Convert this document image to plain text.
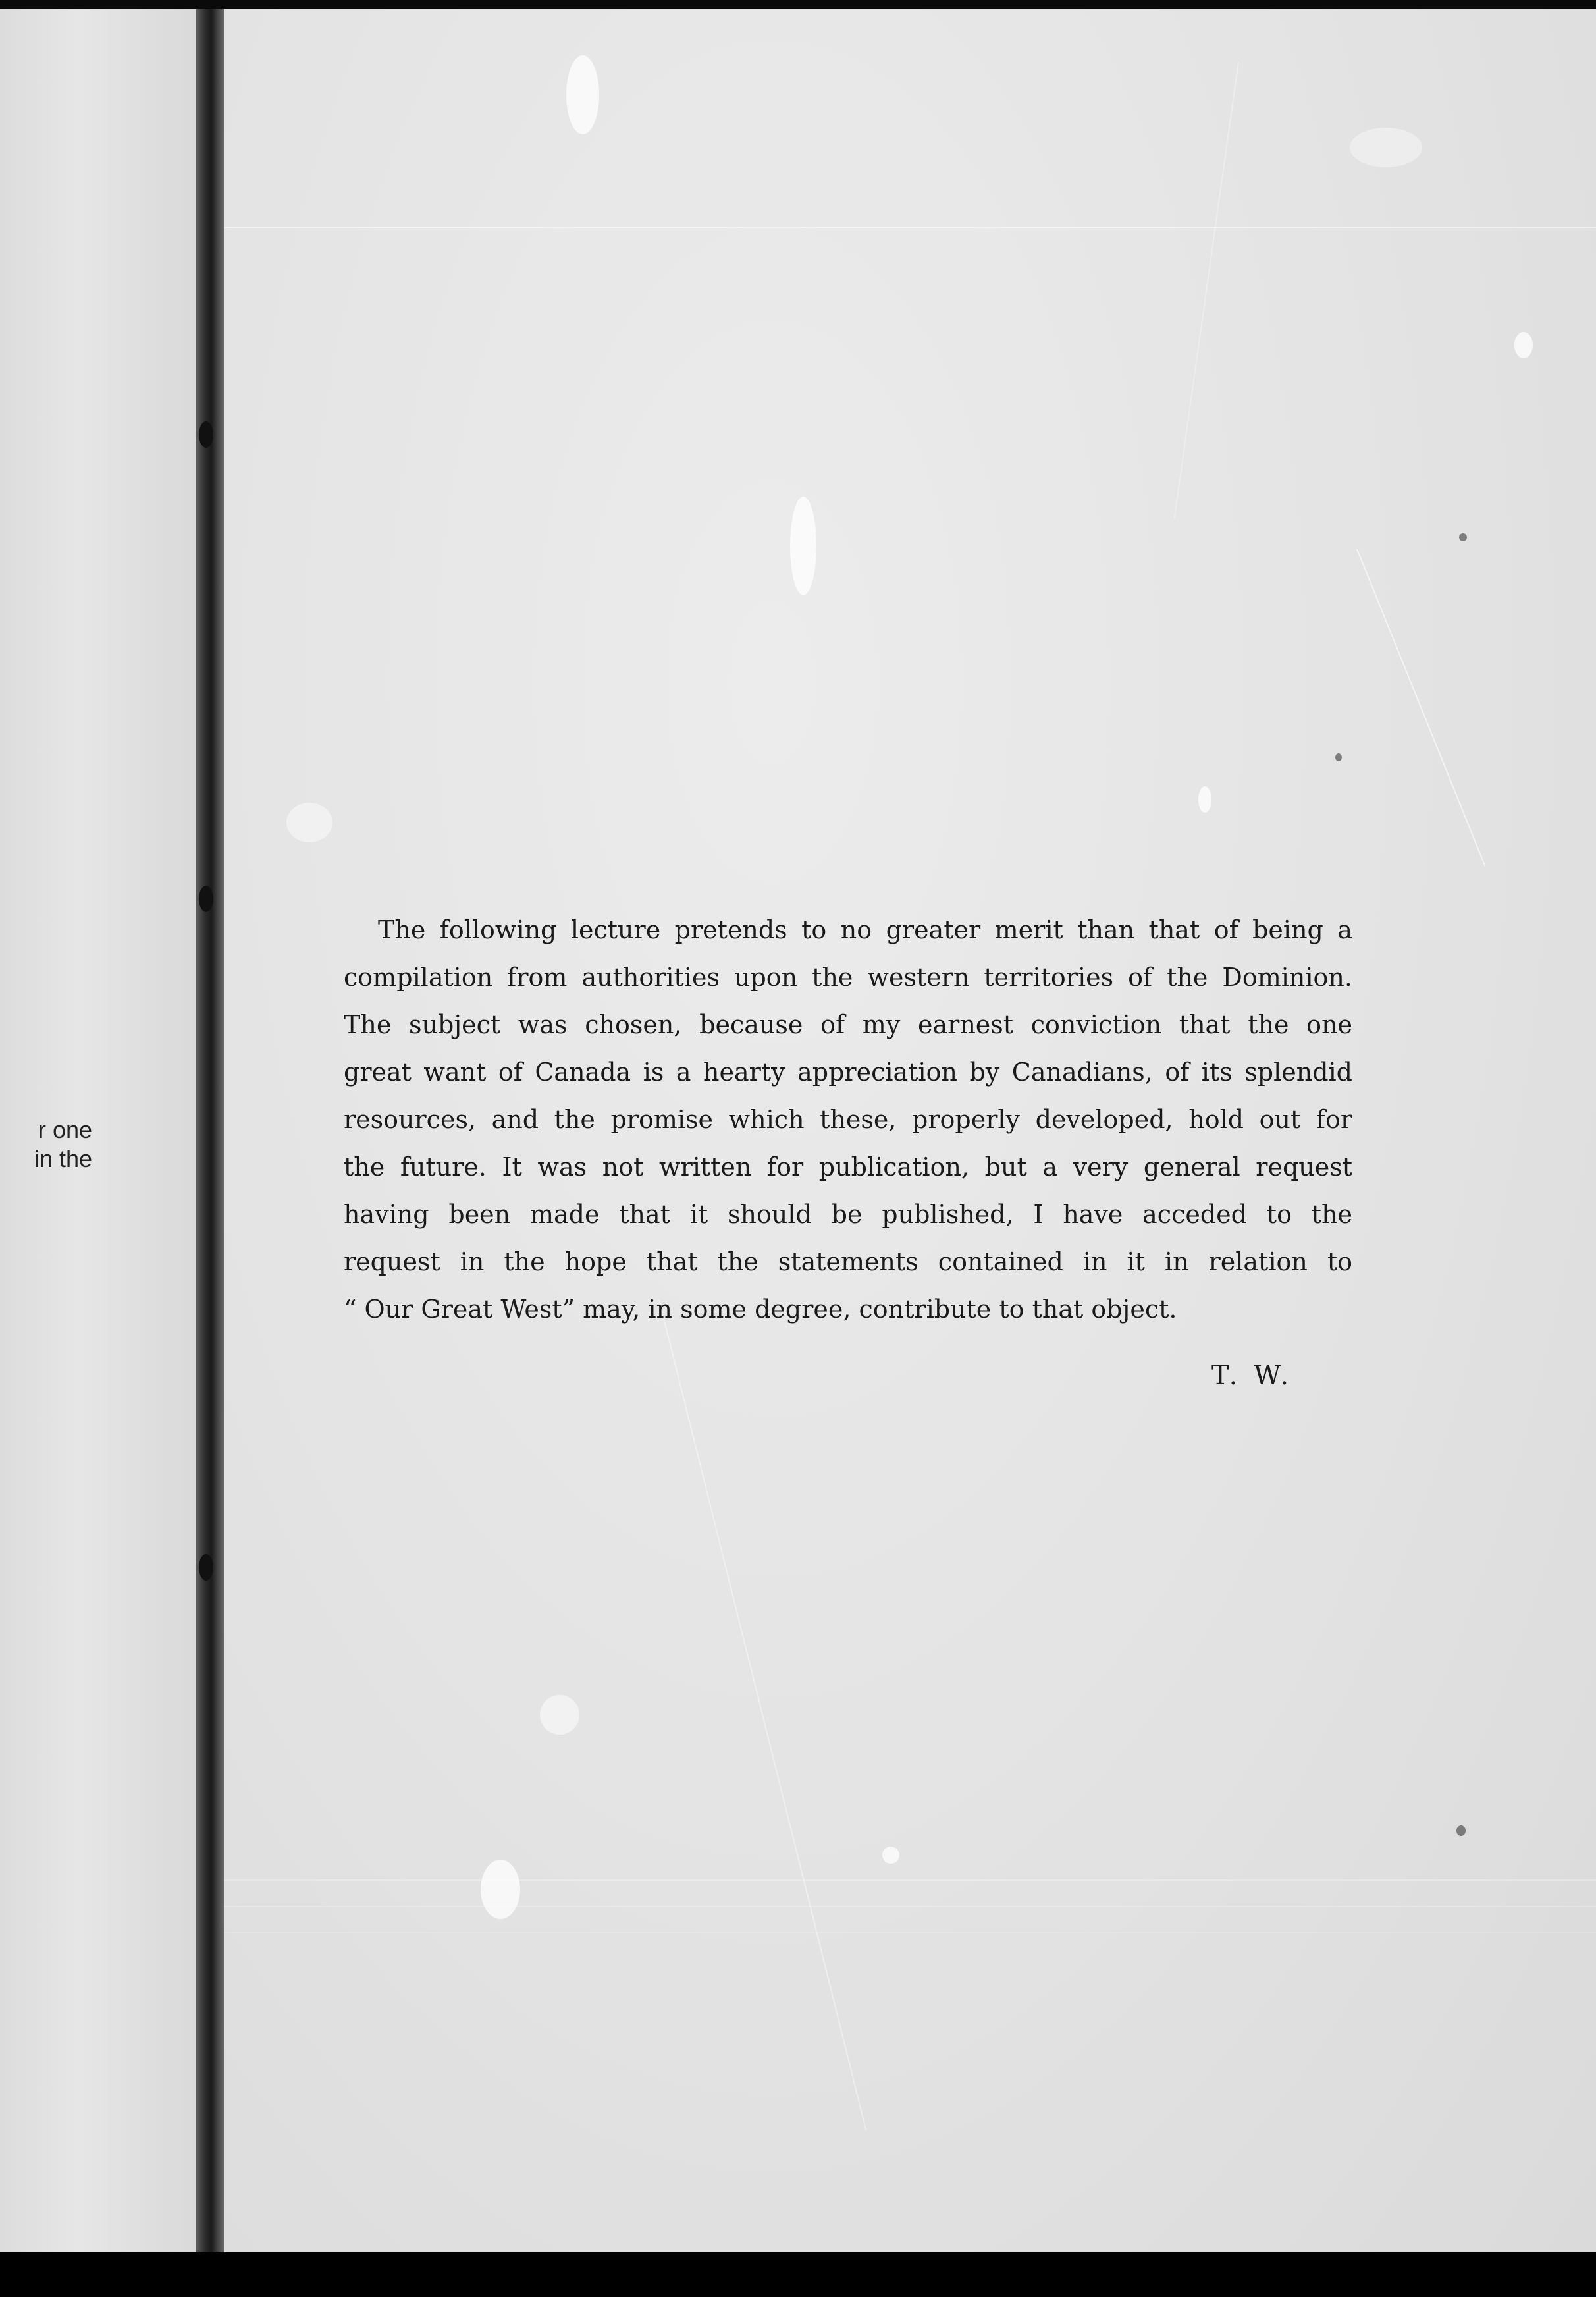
r one
in the
The following lecture pretends to no greater merit than that of being a
compilation from authorities upon the western territories of the Dominion.
The subject was chosen, because of my earnest conviction that the one
great want of Canada is a hearty appreciation by Canadians, of its splendid
resources, and the promise which these, properly developed, hold out for
the future. It was not written for publication, but a very general request
having been made that it should be published, I have acceded to the
request in the hope that the statements contained in it in relation to
“ Our Great West” may, in some degree, contribute to that object.
T. W.
